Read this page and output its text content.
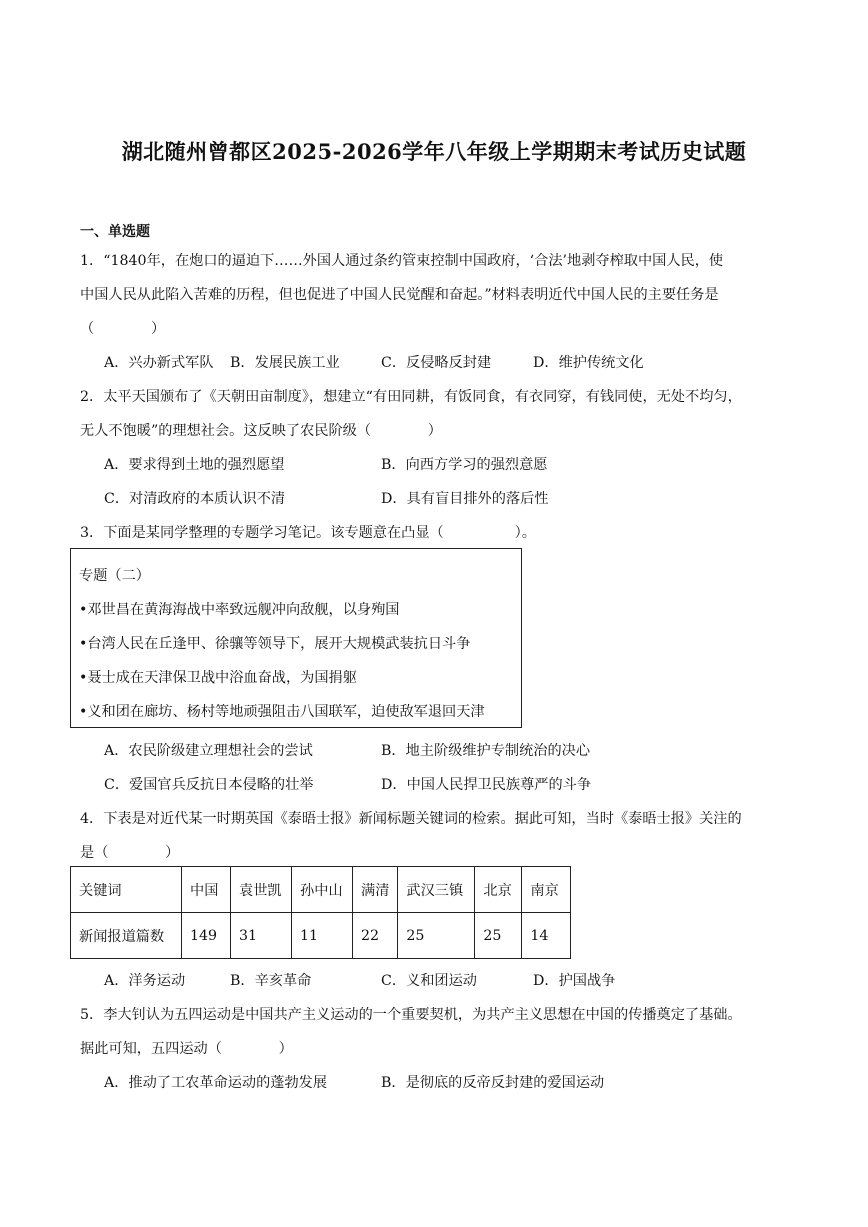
湖北随州曾都区2025-2026学年八年级上学期期末考试历史试题
一、单选题
1．“1840年，在炮口的逼迫下……外国人通过条约管束控制中国政府，‘合法’地剥夺榨取中国人民，使
中国人民从此陷入苦难的历程，但也促进了中国人民觉醒和奋起。”材料表明近代中国人民的主要任务是
（　　　　）
A．兴办新式军队 B．发展民族工业	C．反侵略反封建	D．维护传统文化
2．太平天国颁布了《天朝田亩制度》，想建立“有田同耕，有饭同食，有衣同穿，有钱同使，无处不均匀，
无人不饱暖”的理想社会。这反映了农民阶级（　　　　）
A．要求得到土地的强烈愿望	B．向西方学习的强烈意愿
C．对清政府的本质认识不清	D．具有盲目排外的落后性
3．下面是某同学整理的专题学习笔记。该专题意在凸显（　　　　　）。
专题（二）
•邓世昌在黄海海战中率致远舰冲向敌舰，以身殉国
•台湾人民在丘逢甲、徐骧等领导下，展开大规模武装抗日斗争
•聂士成在天津保卫战中浴血奋战，为国捐躯
•义和团在廊坊、杨村等地顽强阻击八国联军，迫使敌军退回天津
A．农民阶级建立理想社会的尝试	B．地主阶级维护专制统治的决心
C．爱国官兵反抗日本侵略的壮举	D．中国人民捍卫民族尊严的斗争
4．下表是对近代某一时期英国《泰晤士报》新闻标题关键词的检索。据此可知，当时《泰晤士报》关注的
是（　　　　）
关键词	中国	袁世凯	孙中山	满清	武汉三镇	北京	南京
新闻报道篇数	149	31	11	22	25	25	14
A．洋务运动	B．辛亥革命	C．义和团运动	D．护国战争
5．李大钊认为五四运动是中国共产主义运动的一个重要契机，为共产主义思想在中国的传播奠定了基础。
据此可知，五四运动（　　　　）
A．推动了工农革命运动的蓬勃发展	B．是彻底的反帝反封建的爱国运动
